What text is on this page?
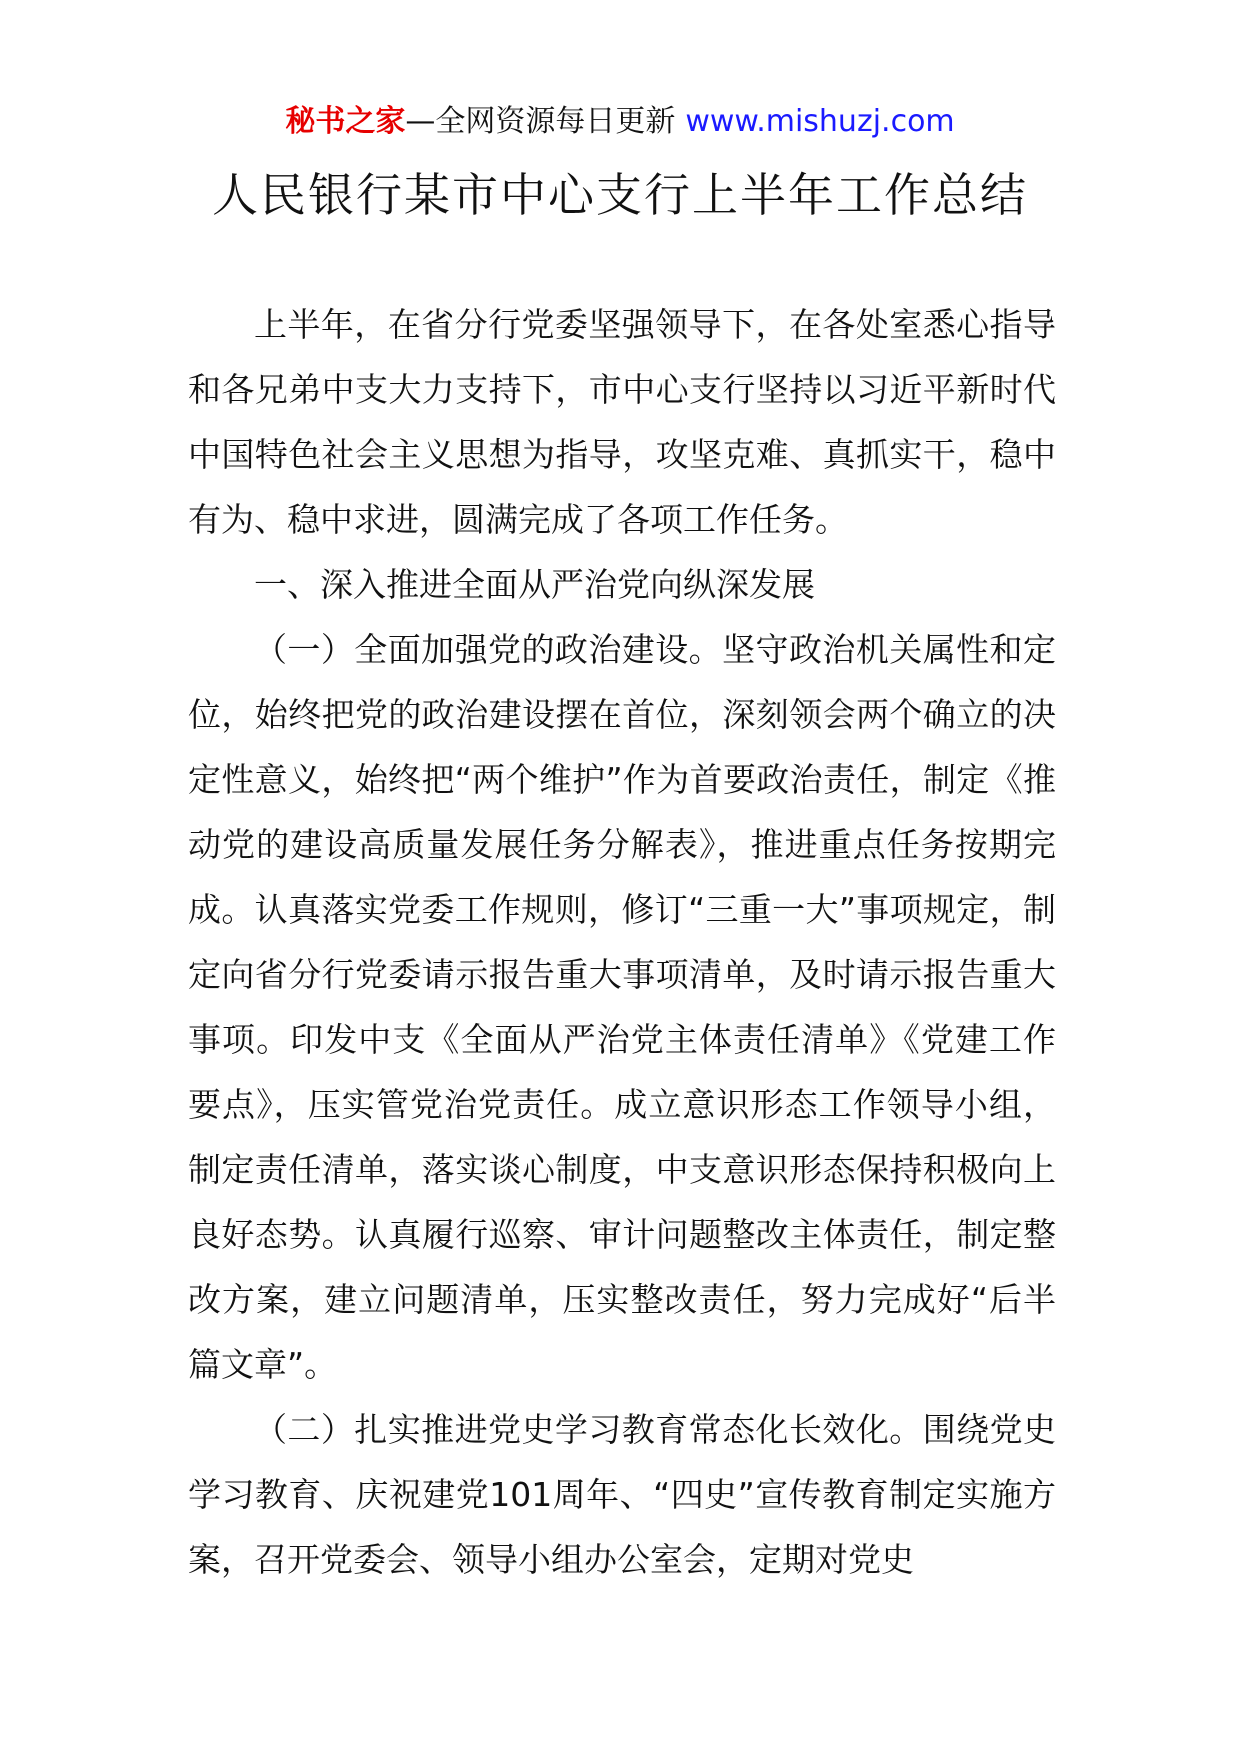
秘书之家—全网资源每日更新 www.mishuzj.com
人民银行某市中心支行上半年工作总结

上半年，在省分行党委坚强领导下，在各处室悉心指导和各兄弟中支大力支持下，市中心支行坚持以习近平新时代中国特色社会主义思想为指导，攻坚克难、真抓实干，稳中有为、稳中求进，圆满完成了各项工作任务。

一、深入推进全面从严治党向纵深发展

（一）全面加强党的政治建设。坚守政治机关属性和定位，始终把党的政治建设摆在首位，深刻领会两个确立的决定性意义，始终把“两个维护”作为首要政治责任，制定《推动党的建设高质量发展任务分解表》，推进重点任务按期完成。认真落实党委工作规则，修订“三重一大”事项规定，制定向省分行党委请示报告重大事项清单，及时请示报告重大事项。印发中支《全面从严治党主体责任清单》《党建工作要点》，压实管党治党责任。成立意识形态工作领导小组，制定责任清单，落实谈心制度，中支意识形态保持积极向上良好态势。认真履行巡察、审计问题整改主体责任，制定整改方案，建立问题清单，压实整改责任，努力完成好“后半篇文章”。

（二）扎实推进党史学习教育常态化长效化。围绕党史学习教育、庆祝建党101周年、“四史”宣传教育制定实施方案，召开党委会、领导小组办公室会，定期对党史
